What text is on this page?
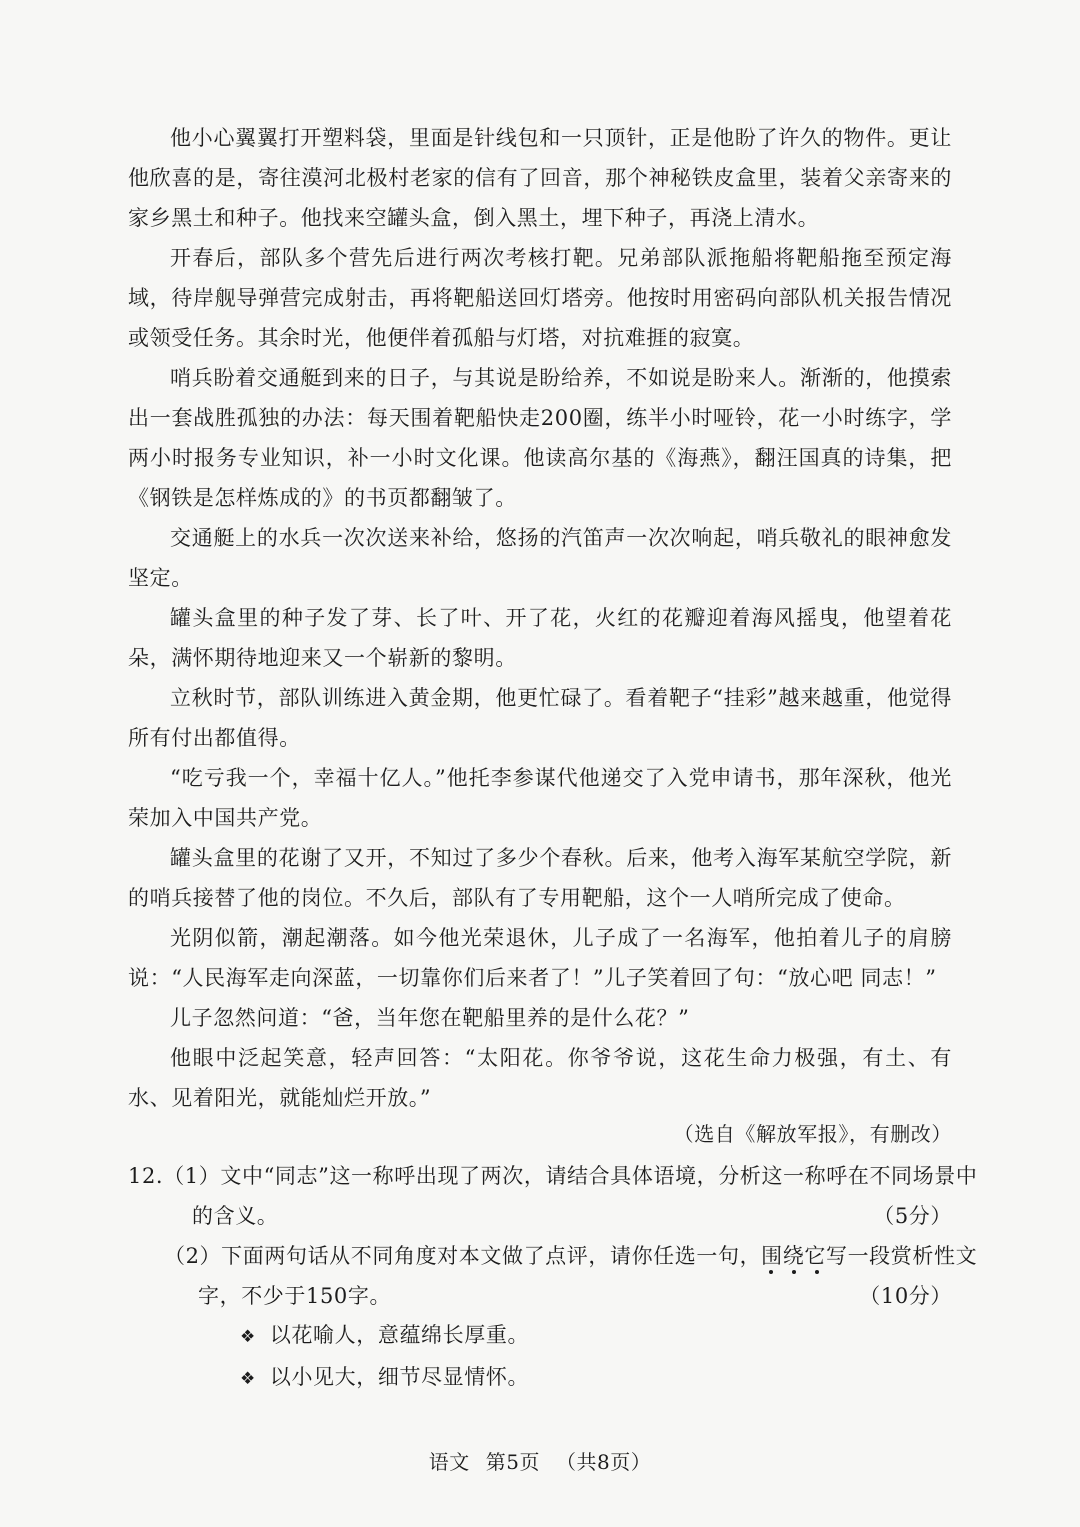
他小心翼翼打开塑料袋，里面是针线包和一只顶针，正是他盼了许久的物件。更让他欣喜的是，寄往漠河北极村老家的信有了回音，那个神秘铁皮盒里，装着父亲寄来的家乡黑土和种子。他找来空罐头盒，倒入黑土，埋下种子，再浇上清水。

开春后，部队多个营先后进行两次考核打靶。兄弟部队派拖船将靶船拖至预定海域，待岸舰导弹营完成射击，再将靶船送回灯塔旁。他按时用密码向部队机关报告情况或领受任务。其余时光，他便伴着孤船与灯塔，对抗难捱的寂寞。

哨兵盼着交通艇到来的日子，与其说是盼给养，不如说是盼来人。渐渐的，他摸索出一套战胜孤独的办法：每天围着靶船快走200圈，练半小时哑铃，花一小时练字，学两小时报务专业知识，补一小时文化课。他读高尔基的《海燕》，翻汪国真的诗集，把《钢铁是怎样炼成的》的书页都翻皱了。

交通艇上的水兵一次次送来补给，悠扬的汽笛声一次次响起，哨兵敬礼的眼神愈发坚定。

罐头盒里的种子发了芽、长了叶、开了花，火红的花瓣迎着海风摇曳，他望着花朵，满怀期待地迎来又一个崭新的黎明。

立秋时节，部队训练进入黄金期，他更忙碌了。看着靶子“挂彩”越来越重，他觉得所有付出都值得。

“吃亏我一个，幸福十亿人。”他托李参谋代他递交了入党申请书，那年深秋，他光荣加入中国共产党。

罐头盒里的花谢了又开，不知过了多少个春秋。后来，他考入海军某航空学院，新的哨兵接替了他的岗位。不久后，部队有了专用靶船，这个一人哨所完成了使命。

光阴似箭，潮起潮落。如今他光荣退休，儿子成了一名海军，他拍着儿子的肩膀说：“人民海军走向深蓝，一切靠你们后来者了！”儿子笑着回了句：“放心吧 同志！”

儿子忽然问道：“爸，当年您在靶船里养的是什么花？”

他眼中泛起笑意，轻声回答：“太阳花。你爷爷说，这花生命力极强，有土、有水、见着阳光，就能灿烂开放。”

（选自《解放军报》，有删改）
12.（1）文中“同志”这一称呼出现了两次，请结合具体语境，分析这一称呼在不同场景中
的含义。	（5分）
（2）下面两句话从不同角度对本文做了点评，请你任选一句，围绕它
写一段赏析性文
字，不少于150字。	（10分）
❖ 以花喻人，意蕴绵长厚重。
❖ 以小见大，细节尽显情怀。
语文 第5页 （共8页）
